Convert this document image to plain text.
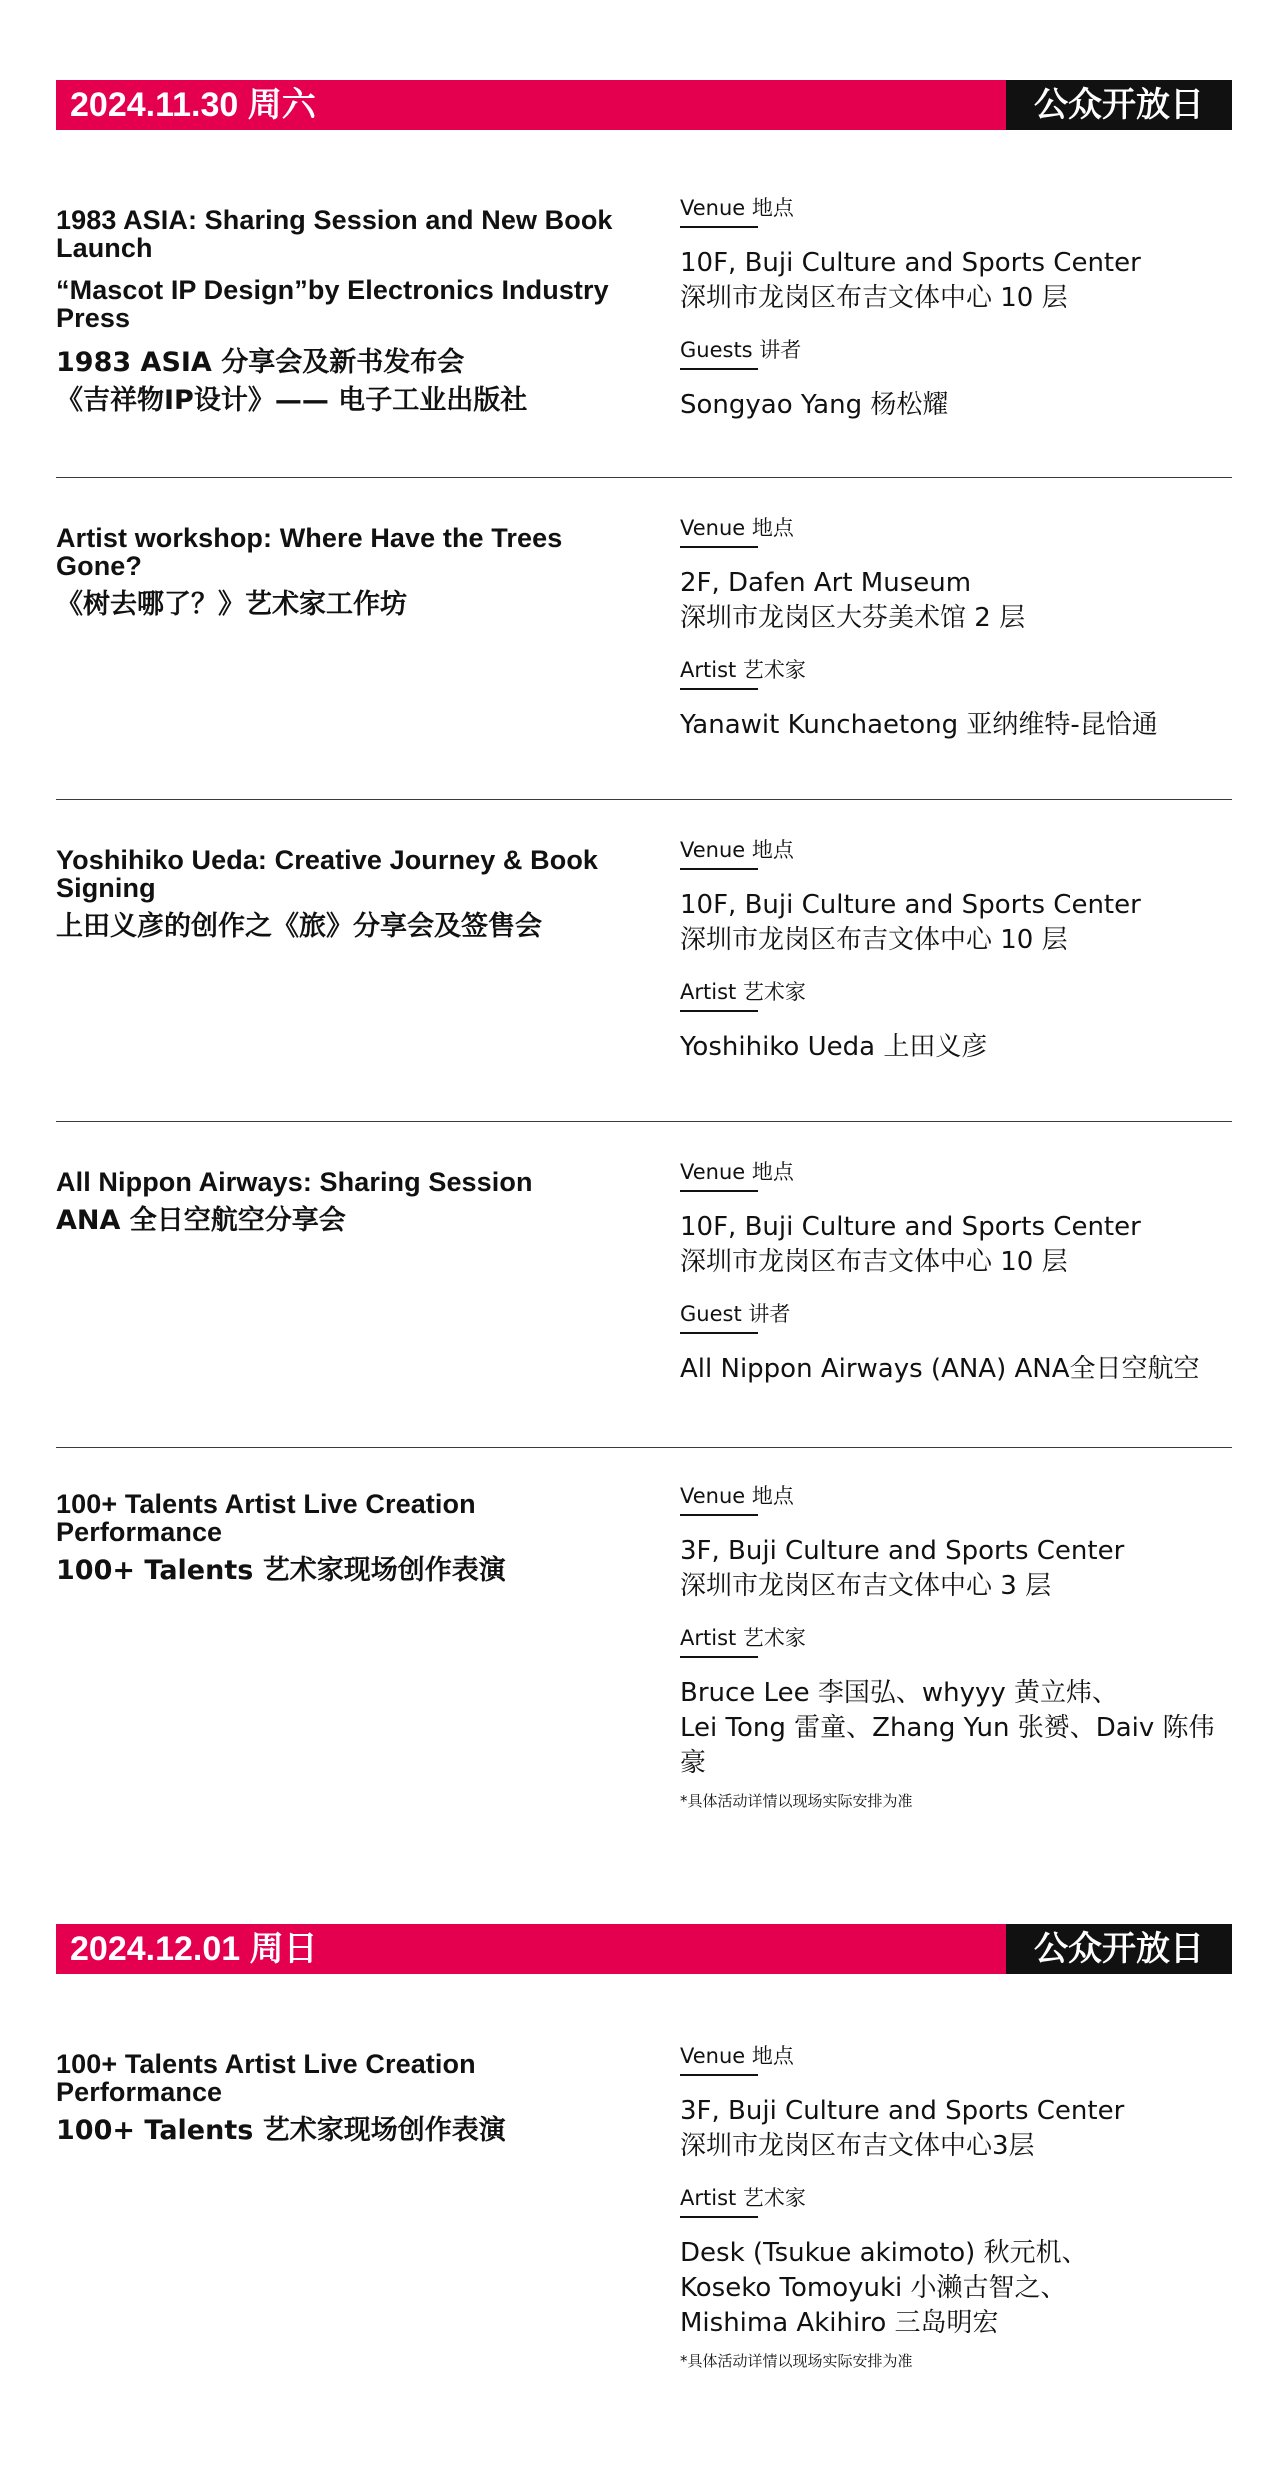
2024.11.30 周六	公众开放日
1983 ASIA: Sharing Session and New Book Launch
“Mascot IP Design”by Electronics Industry Press
1983 ASIA 分享会及新书发布会
《吉祥物IP设计》—— 电子工业出版社
Venue 地点
10F, Buji Culture and Sports Center
深圳市龙岗区布吉文体中心 10 层
Guests 讲者
Songyao Yang 杨松耀
Artist workshop: Where Have the Trees Gone?
《树去哪了？》艺术家工作坊
Venue 地点
2F, Dafen Art Museum
深圳市龙岗区大芬美术馆 2 层
Artist 艺术家
Yanawit Kunchaetong 亚纳维特-昆恰通
Yoshihiko Ueda: Creative Journey & Book Signing
上田义彦的创作之《旅》分享会及签售会
Venue 地点
10F, Buji Culture and Sports Center
深圳市龙岗区布吉文体中心 10 层
Artist 艺术家
Yoshihiko Ueda 上田义彦
All Nippon Airways: Sharing Session
ANA 全日空航空分享会
Venue 地点
10F, Buji Culture and Sports Center
深圳市龙岗区布吉文体中心 10 层
Guest 讲者
All Nippon Airways (ANA) ANA全日空航空
100+ Talents Artist Live Creation Performance
100+ Talents 艺术家现场创作表演
Venue 地点
3F, Buji Culture and Sports Center
深圳市龙岗区布吉文体中心 3 层
Artist 艺术家
Bruce Lee 李国弘、whyyy 黄立炜、
Lei Tong 雷童、Zhang Yun 张赟、Daiv 陈伟豪
*具体活动详情以现场实际安排为准
2024.12.01 周日	公众开放日
100+ Talents Artist Live Creation Performance
100+ Talents 艺术家现场创作表演
Venue 地点
3F, Buji Culture and Sports Center
深圳市龙岗区布吉文体中心3层
Artist 艺术家
Desk (Tsukue akimoto) 秋元机、
Koseko Tomoyuki 小濑古智之、
Mishima Akihiro 三岛明宏
*具体活动详情以现场实际安排为准
